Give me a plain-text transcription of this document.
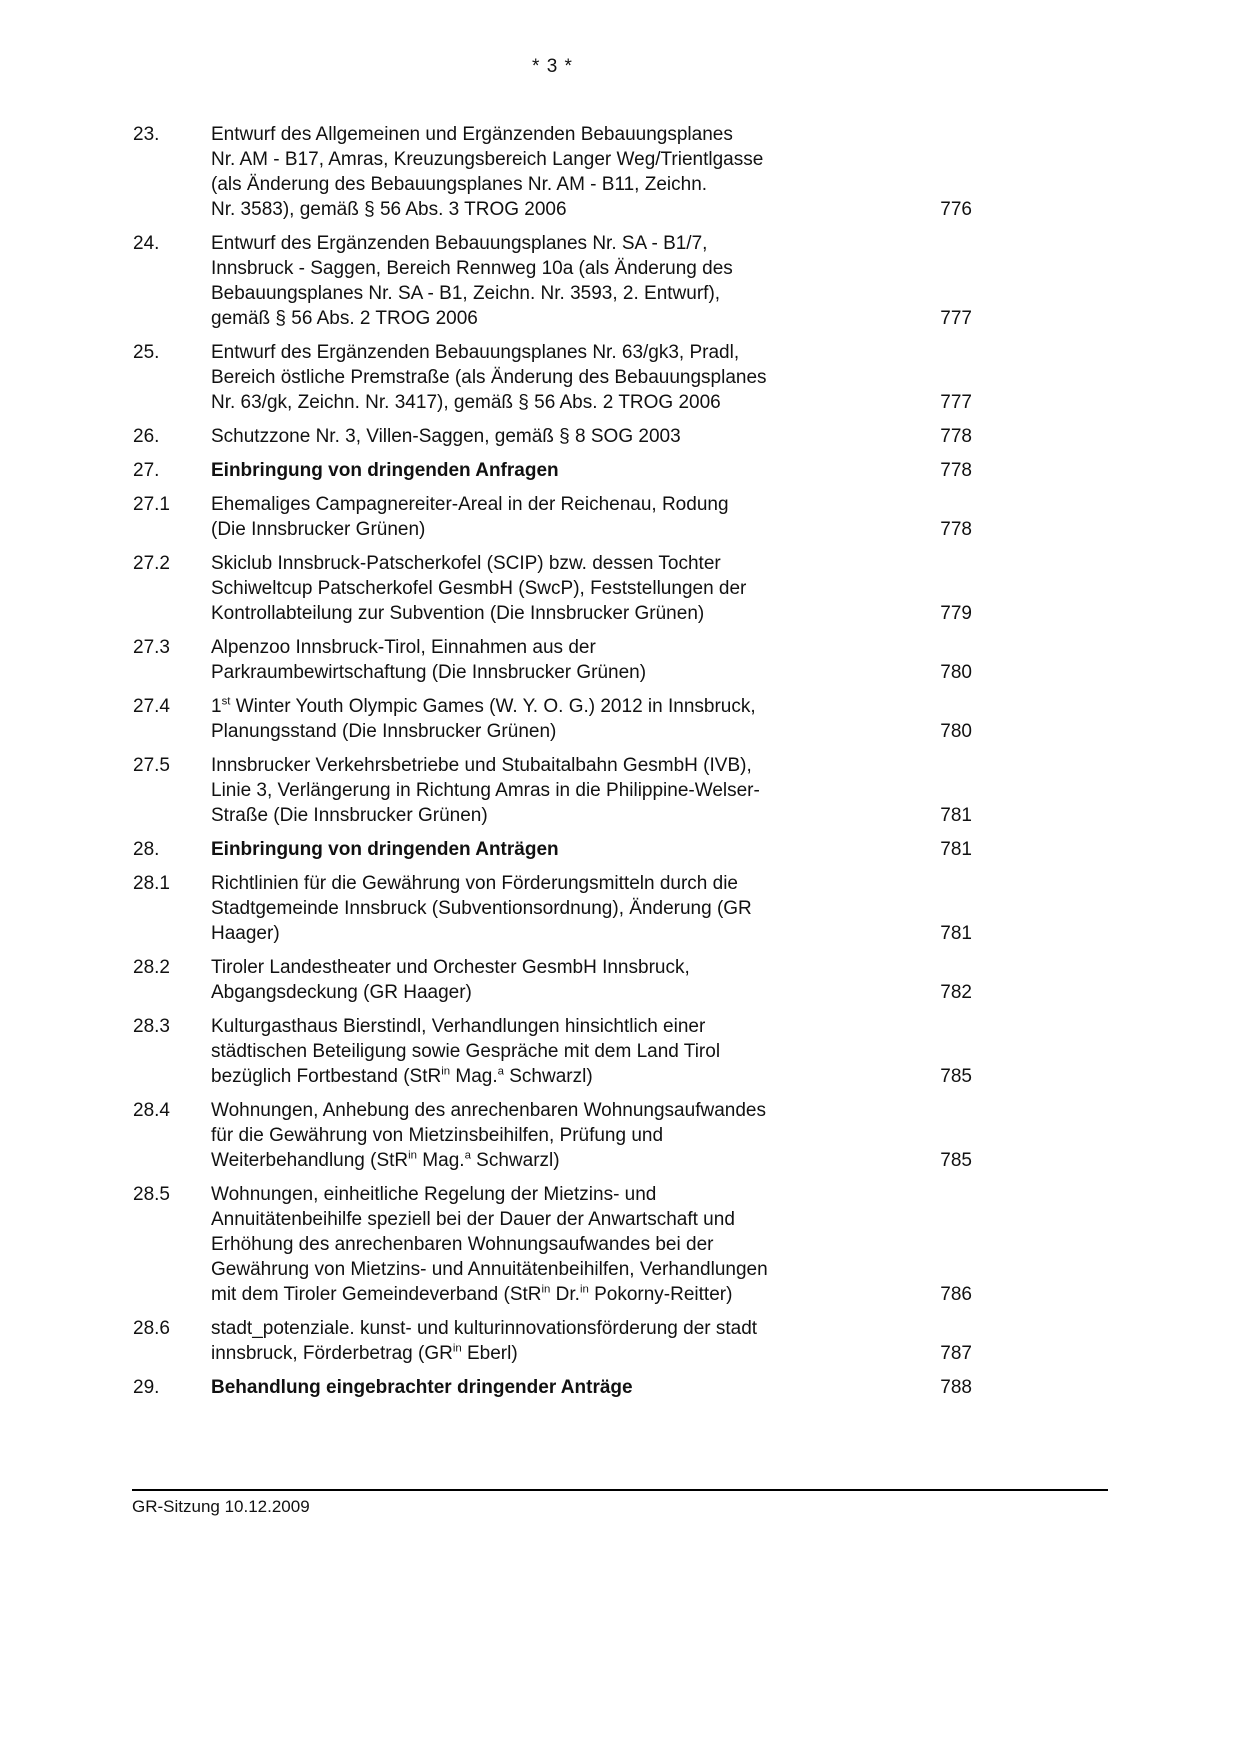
* 3 *
23.	Entwurf des Allgemeinen und Ergänzenden Bebauungsplanes
Nr. AM - B17, Amras, Kreuzungsbereich Langer Weg/Trientlgasse
(als Änderung des Bebauungsplanes Nr. AM - B11, Zeichn.
Nr. 3583), gemäß § 56 Abs. 3 TROG 2006	776
24.	Entwurf des Ergänzenden Bebauungsplanes Nr. SA - B1/7,
Innsbruck - Saggen, Bereich Rennweg 10a (als Änderung des
Bebauungsplanes Nr. SA - B1, Zeichn. Nr. 3593, 2. Entwurf),
gemäß § 56 Abs. 2 TROG 2006	777
25.	Entwurf des Ergänzenden Bebauungsplanes Nr. 63/gk3, Pradl,
Bereich östliche Premstraße (als Änderung des Bebauungsplanes
Nr. 63/gk, Zeichn. Nr. 3417), gemäß § 56 Abs. 2 TROG 2006	777
26.	Schutzzone Nr. 3, Villen-Saggen, gemäß § 8 SOG 2003	778
27.	Einbringung von dringenden Anfragen	778
27.1	Ehemaliges Campagnereiter-Areal in der Reichenau, Rodung
(Die Innsbrucker Grünen)	778
27.2	Skiclub Innsbruck-Patscherkofel (SCIP) bzw. dessen Tochter
Schiweltcup Patscherkofel GesmbH (SwcP), Feststellungen der
Kontrollabteilung zur Subvention (Die Innsbrucker Grünen)	779
27.3	Alpenzoo Innsbruck-Tirol, Einnahmen aus der
Parkraumbewirtschaftung (Die Innsbrucker Grünen)	780
27.4	1st Winter Youth Olympic Games (W. Y. O. G.) 2012 in Innsbruck,
Planungsstand (Die Innsbrucker Grünen)	780
27.5	Innsbrucker Verkehrsbetriebe und Stubaitalbahn GesmbH (IVB),
Linie 3, Verlängerung in Richtung Amras in die Philippine-Welser-
Straße (Die Innsbrucker Grünen)	781
28.	Einbringung von dringenden Anträgen	781
28.1	Richtlinien für die Gewährung von Förderungsmitteln durch die
Stadtgemeinde Innsbruck (Subventionsordnung), Änderung (GR
Haager)	781
28.2	Tiroler Landestheater und Orchester GesmbH Innsbruck,
Abgangsdeckung (GR Haager)	782
28.3	Kulturgasthaus Bierstindl, Verhandlungen hinsichtlich einer
städtischen Beteiligung sowie Gespräche mit dem Land Tirol
bezüglich Fortbestand (StR$^{in}$ Mag.$^a$ Schwarzl)	785
28.4	Wohnungen, Anhebung des anrechenbaren Wohnungsaufwandes
für die Gewährung von Mietzinsbeihilfen, Prüfung und
Weiterbehandlung (StR$^{in}$ Mag.$^a$ Schwarzl)	785
28.5	Wohnungen, einheitliche Regelung der Mietzins- und
Annuitätenbeihilfe speziell bei der Dauer der Anwartschaft und
Erhöhung des anrechenbaren Wohnungsaufwandes bei der
Gewährung von Mietzins- und Annuitätenbeihilfen, Verhandlungen
mit dem Tiroler Gemeindeverband (StR$^{in}$ Dr.$^{in}$ Pokorny-Reitter)	786
28.6	stadt_potenziale. kunst- und kulturinnovationsförderung der stadt
innsbruck, Förderbetrag ($GR^{in}$ Eberl)	787
29.	Behandlung eingebrachter dringender Anträge	788
GR-Sitzung 10.12.2009
